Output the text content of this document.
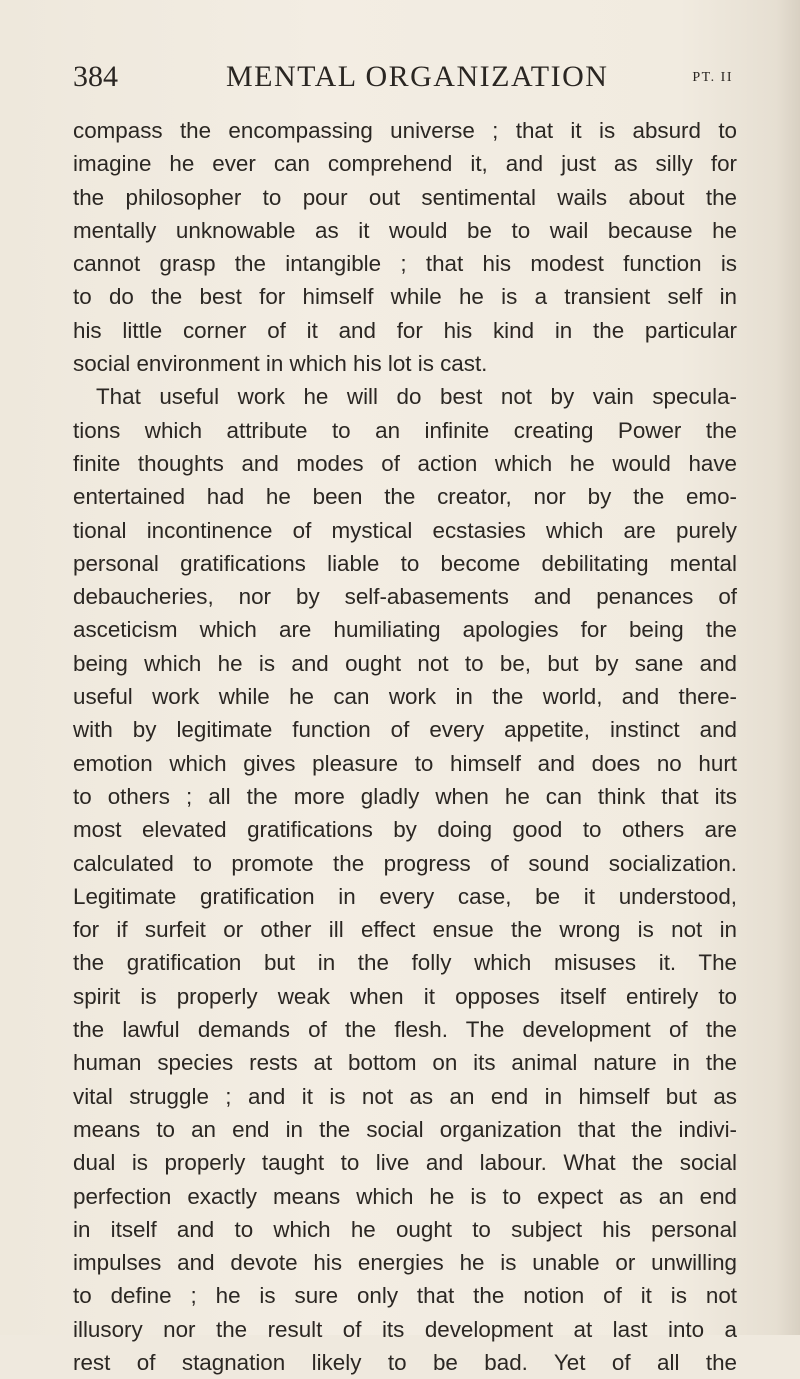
384	MENTAL ORGANIZATION	PT. II
compass the encompassing universe ; that it is absurd to
imagine he ever can comprehend it, and just as silly for
the philosopher to pour out sentimental wails about the
mentally unknowable as it would be to wail because he
cannot grasp the intangible ; that his modest function is
to do the best for himself while he is a transient self in
his little corner of it and for his kind in the particular
social environment in which his lot is cast.
That useful work he will do best not by vain specula-
tions which attribute to an infinite creating Power the
finite thoughts and modes of action which he would have
entertained had he been the creator, nor by the emo-
tional incontinence of mystical ecstasies which are purely
personal gratifications liable to become debilitating mental
debaucheries, nor by self-abasements and penances of
asceticism which are humiliating apologies for being the
being which he is and ought not to be, but by sane and
useful work while he can work in the world, and there-
with by legitimate function of every appetite, instinct and
emotion which gives pleasure to himself and does no hurt
to others ; all the more gladly when he can think that its
most elevated gratifications by doing good to others are
calculated to promote the progress of sound socialization.
Legitimate gratification in every case, be it understood,
for if surfeit or other ill effect ensue the wrong is not in
the gratification but in the folly which misuses it. The
spirit is properly weak when it opposes itself entirely to
the lawful demands of the flesh. The development of the
human species rests at bottom on its animal nature in the
vital struggle ; and it is not as an end in himself but as
means to an end in the social organization that the indivi-
dual is properly taught to live and labour. What the social
perfection exactly means which he is to expect as an end
in itself and to which he ought to subject his personal
impulses and devote his energies he is unable or unwilling
to define ; he is sure only that the notion of it is not
illusory nor the result of its development at last into a
rest of stagnation likely to be bad. Yet of all the
